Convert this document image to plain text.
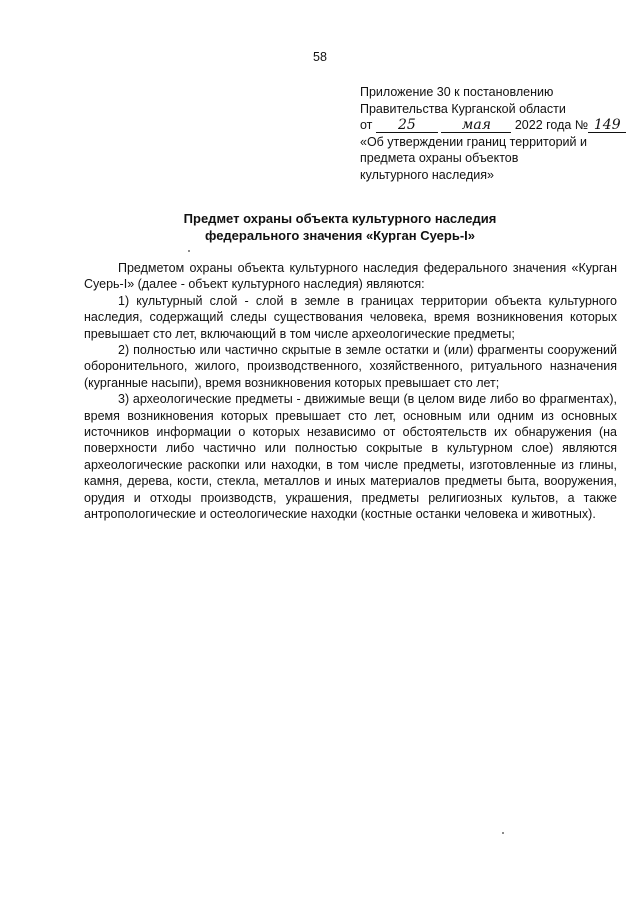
58
Приложение 30 к постановлению
Правительства Курганской области
от 25	мая 2022 года № 149
«Об утверждении границ территорий и
предмета охраны объектов
культурного наследия»
Предмет охраны объекта культурного наследия
федерального значения «Курган Суерь-I»

Предметом охраны объекта культурного наследия федерального значения «Курган Суерь-I» (далее - объект культурного наследия) являются:

1) культурный слой - слой в земле в границах территории объекта культурного наследия, содержащий следы существования человека, время возникновения которых превышает сто лет, включающий в том числе археологические предметы;

2) полностью или частично скрытые в земле остатки и (или) фрагменты сооружений оборонительного, жилого, производственного, хозяйственного, ритуального назначения (курганные насыпи), время возникновения которых превышает сто лет;

3) археологические предметы - движимые вещи (в целом виде либо во фрагментах), время возникновения которых превышает сто лет, основным или одним из основных источников информации о которых независимо от обстоятельств их обнаружения (на поверхности либо частично или полностью сокрытые в культурном слое) являются археологические раскопки или находки, в том числе предметы, изготовленные из глины, камня, дерева, кости, стекла, металлов и иных материалов предметы быта, вооружения, орудия и отходы производств, украшения, предметы религиозных культов, а также антропологические и остеологические находки (костные останки человека и животных).
